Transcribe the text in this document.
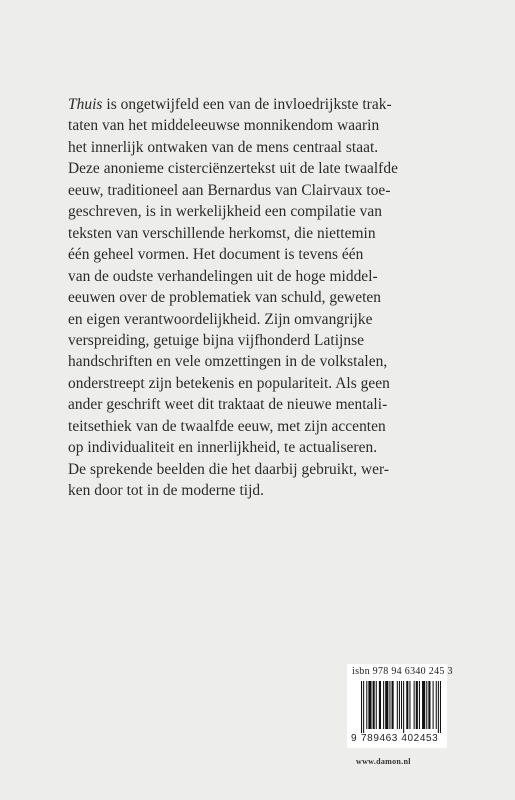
Thuis is ongetwijfeld een van de invloedrijkste trak-
taten van het middeleeuwse monnikendom waarin
het innerlijk ontwaken van de mens centraal staat.
Deze anonieme cisterciënzertekst uit de late twaalfde
eeuw, traditioneel aan Bernardus van Clairvaux toe-
geschreven, is in werkelijkheid een compilatie van
teksten van verschillende herkomst, die niettemin
één geheel vormen. Het document is tevens één
van de oudste verhandelingen uit de hoge middel-
eeuwen over de problematiek van schuld, geweten
en eigen verantwoordelijkheid. Zijn omvangrijke
verspreiding, getuige bijna vijfhonderd Latijnse
handschriften en vele omzettingen in de volkstalen,
onderstreept zijn betekenis en populariteit. Als geen
ander geschrift weet dit traktaat de nieuwe mentali-
teitsethiek van de twaalfde eeuw, met zijn accenten
op individualiteit en innerlijkheid, te actualiseren.
De sprekende beelden die het daarbij gebruikt, wer-
ken door tot in de moderne tijd.
isbn 978 94 6340 245 3
9 789463 402453
www.damon.nl
